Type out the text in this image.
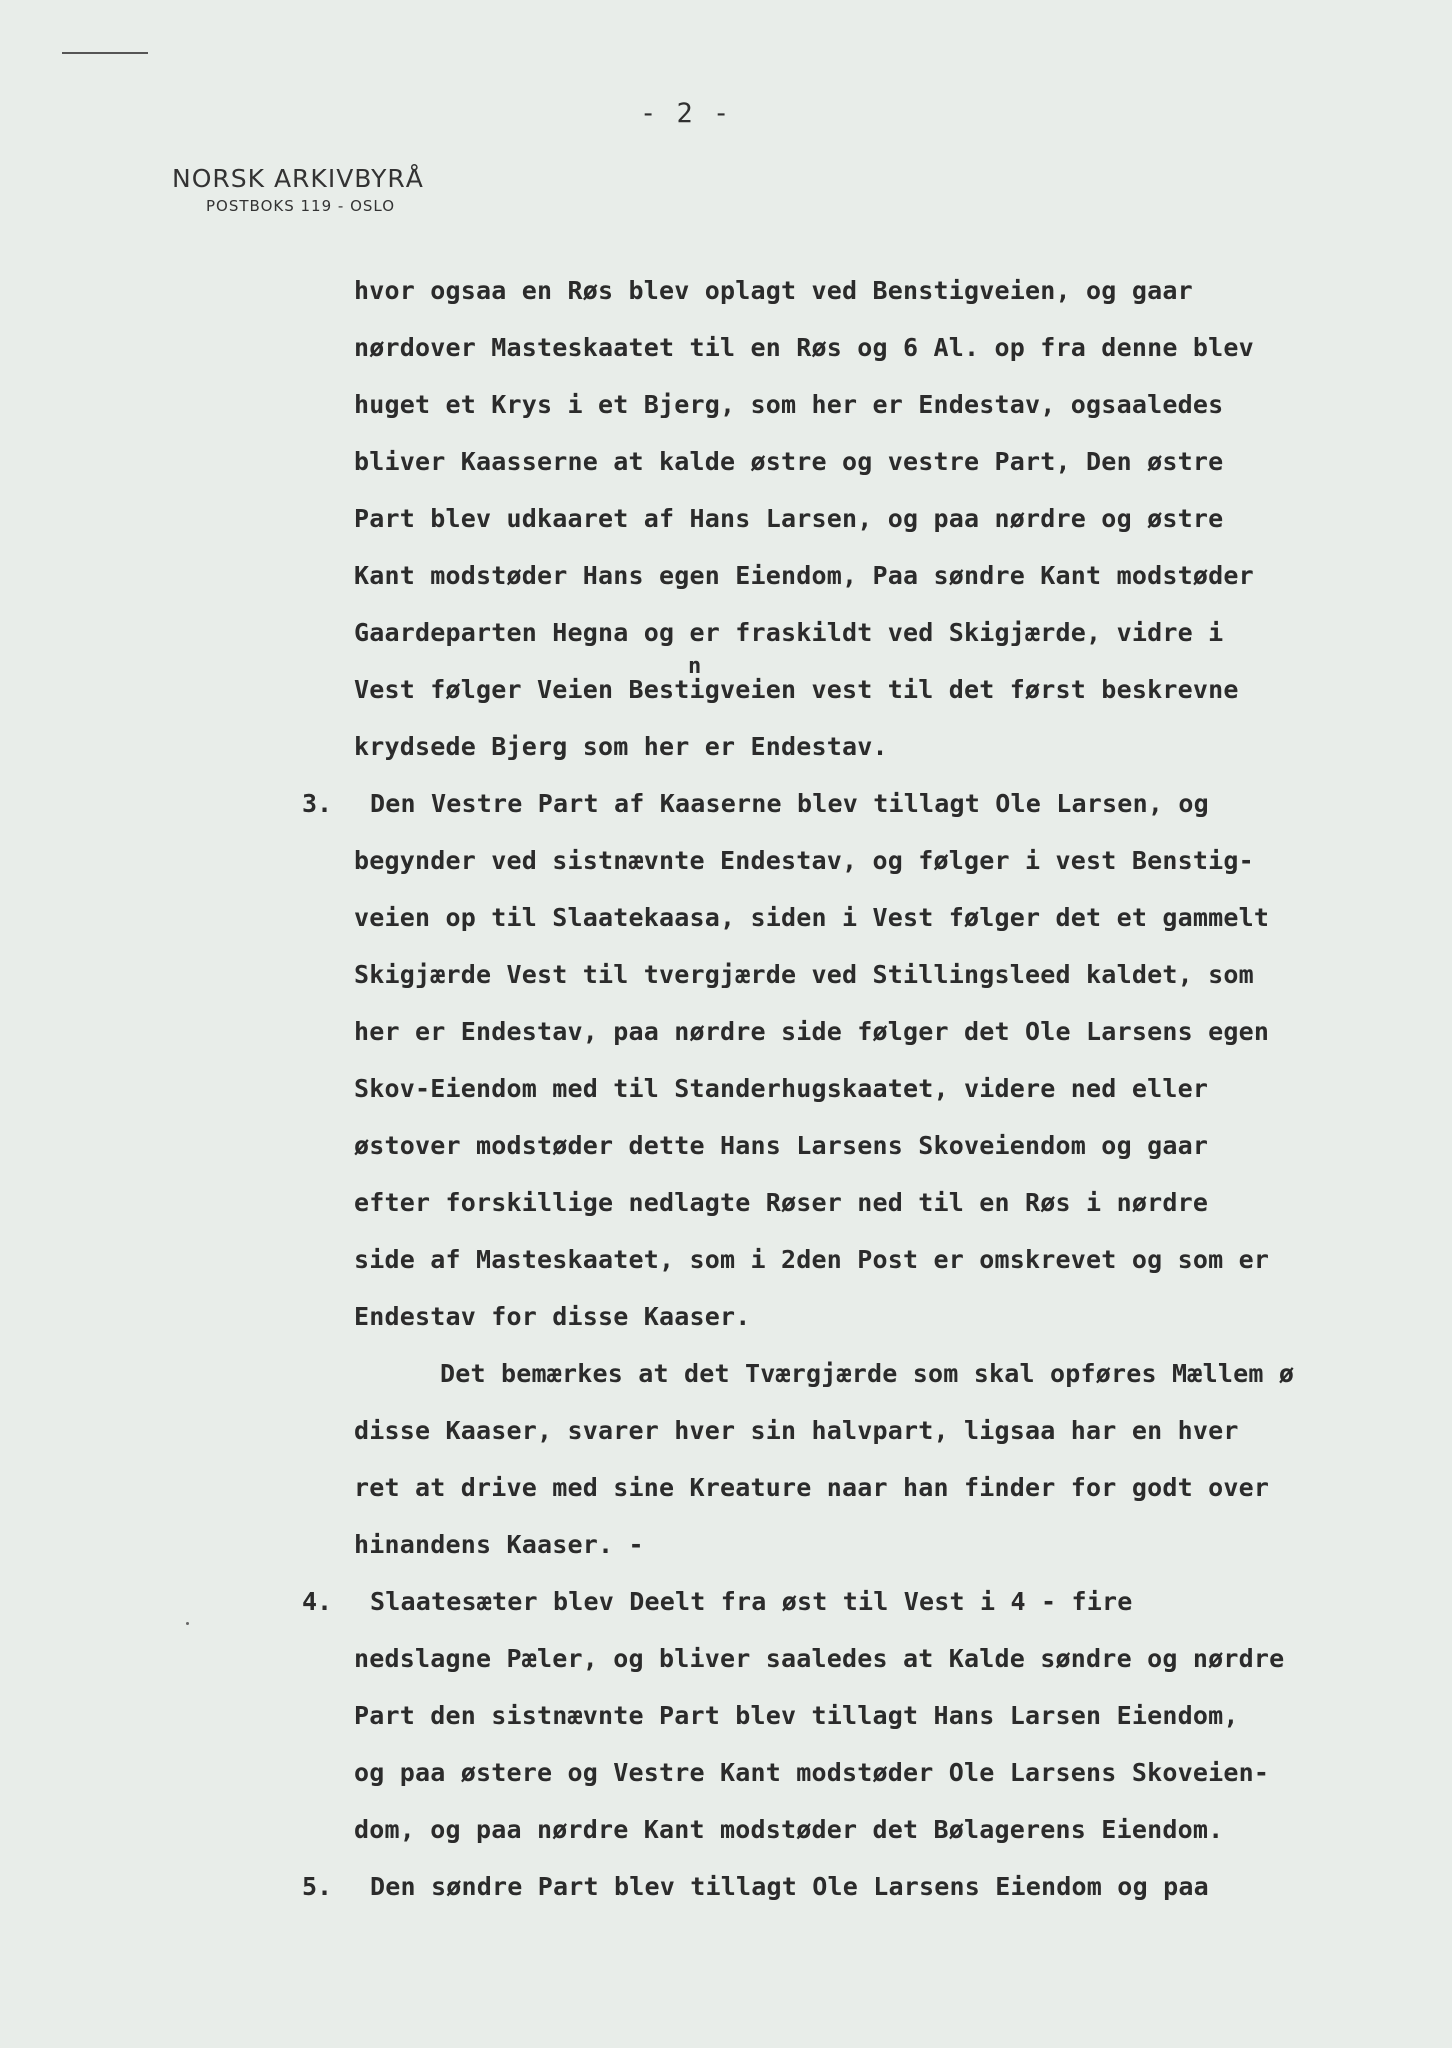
- 2 -
NORSK ARKIVBYRÅ
POSTBOKS 119 - OSLO
n
hvor ogsaa en Røs blev oplagt ved Benstigveien, og gaar
nørdover Masteskaatet til en Røs og 6 Al. op fra denne blev
huget et Krys i et Bjerg, som her er Endestav, ogsaaledes
bliver Kaasserne at kalde østre og vestre Part, Den østre
Part blev udkaaret af Hans Larsen, og paa nørdre og østre
Kant modstøder Hans egen Eiendom, Paa søndre Kant modstøder
Gaardeparten Hegna og er fraskildt ved Skigjærde, vidre i
Vest følger Veien Bestigveien vest til det først beskrevne
krydsede Bjerg som her er Endestav.
3. Den Vestre Part af Kaaserne blev tillagt Ole Larsen, og
begynder ved sistnævnte Endestav, og følger i vest Benstig-
veien op til Slaatekaasa, siden i Vest følger det et gammelt
Skigjærde Vest til tvergjærde ved Stillingsleed kaldet, som
her er Endestav, paa nørdre side følger det Ole Larsens egen
Skov-Eiendom med til Standerhugskaatet, videre ned eller
østover modstøder dette Hans Larsens Skoveiendom og gaar
efter forskillige nedlagte Røser ned til en Røs i nørdre
side af Masteskaatet, som i 2den Post er omskrevet og som er
Endestav for disse Kaaser.
Det bemærkes at det Tværgjærde som skal opføres Mællem ø
disse Kaaser, svarer hver sin halvpart, ligsaa har en hver
ret at drive med sine Kreature naar han finder for godt over
hinandens Kaaser. -
4. Slaatesæter blev Deelt fra øst til Vest i 4 - fire
nedslagne Pæler, og bliver saaledes at Kalde søndre og nørdre
Part den sistnævnte Part blev tillagt Hans Larsen Eiendom,
og paa østere og Vestre Kant modstøder Ole Larsens Skoveien-
dom, og paa nørdre Kant modstøder det Bølagerens Eiendom.
5. Den søndre Part blev tillagt Ole Larsens Eiendom og paa
